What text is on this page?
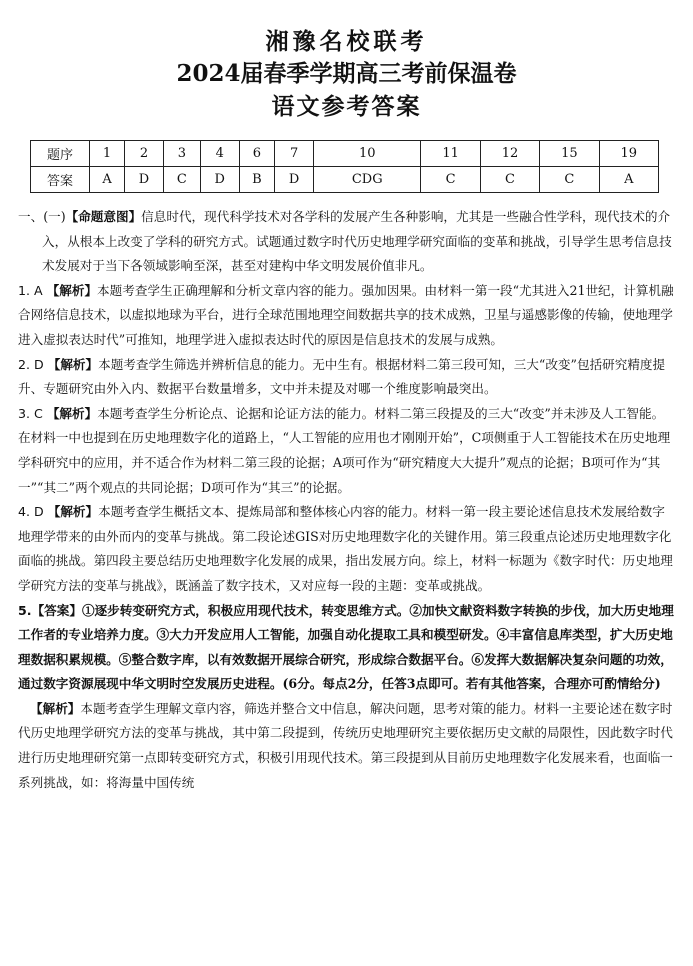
湘豫名校联考
2024届春季学期高三考前保温卷
语文参考答案
题序	1	2	3	4	6	7	10	11	12	15	19
答案	A	D	C	D	B	D	CDG	C	C	C	A

一、(一)【命题意图】信息时代，现代科学技术对各学科的发展产生各种影响，尤其是一些融合性学科，现代技术的介入，从根本上改变了学科的研究方式。试题通过数字时代历史地理学研究面临的变革和挑战，引导学生思考信息技术发展对于当下各领域影响至深，甚至对建构中华文明发展价值非凡。

1. A 【解析】本题考查学生正确理解和分析文章内容的能力。强加因果。由材料一第一段“尤其进入21世纪，计算机融合网络信息技术，以虚拟地球为平台，进行全球范围地理空间数据共享的技术成熟，卫星与遥感影像的传输，使地理学进入虚拟表达时代”可推知，地理学进入虚拟表达时代的原因是信息技术的发展与成熟。

2. D 【解析】本题考查学生筛选并辨析信息的能力。无中生有。根据材料二第三段可知，三大“改变”包括研究精度提升、专题研究由外入内、数据平台数量增多，文中并未提及对哪一个维度影响最突出。

3. C 【解析】本题考查学生分析论点、论据和论证方法的能力。材料二第三段提及的三大“改变”并未涉及人工智能。在材料一中也提到在历史地理数字化的道路上，“人工智能的应用也才刚刚开始”，C项侧重于人工智能技术在历史地理学科研究中的应用，并不适合作为材料二第三段的论据；A项可作为“研究精度大大提升”观点的论据；B项可作为“其一”“其二”两个观点的共同论据；D项可作为“其三”的论据。

4. D 【解析】本题考查学生概括文本、提炼局部和整体核心内容的能力。材料一第一段主要论述信息技术发展给数字地理学带来的由外而内的变革与挑战。第二段论述GIS对历史地理数字化的关键作用。第三段重点论述历史地理数字化面临的挑战。第四段主要总结历史地理数字化发展的成果，指出发展方向。综上，材料一标题为《数字时代：历史地理学研究方法的变革与挑战》，既涵盖了数字技术，又对应每一段的主题：变革或挑战。

5.【答案】①逐步转变研究方式，积极应用现代技术，转变思维方式。②加快文献资料数字转换的步伐，加大历史地理工作者的专业培养力度。③大力开发应用人工智能，加强自动化提取工具和模型研发。④丰富信息库类型，扩大历史地理数据积累规模。⑤整合数字库，以有效数据开展综合研究，形成综合数据平台。⑥发挥大数据解决复杂问题的功效，通过数字资源展现中华文明时空发展历史进程。(6分。每点2分，任答3点即可。若有其他答案，合理亦可酌情给分)

【解析】本题考查学生理解文章内容，筛选并整合文中信息，解决问题，思考对策的能力。材料一主要论述在数字时代历史地理学研究方法的变革与挑战，其中第二段提到，传统历史地理研究主要依据历史文献的局限性，因此数字时代进行历史地理研究第一点即转变研究方式，积极引用现代技术。第三段提到从目前历史地理数字化发展来看，也面临一系列挑战，如：将海量中国传统
